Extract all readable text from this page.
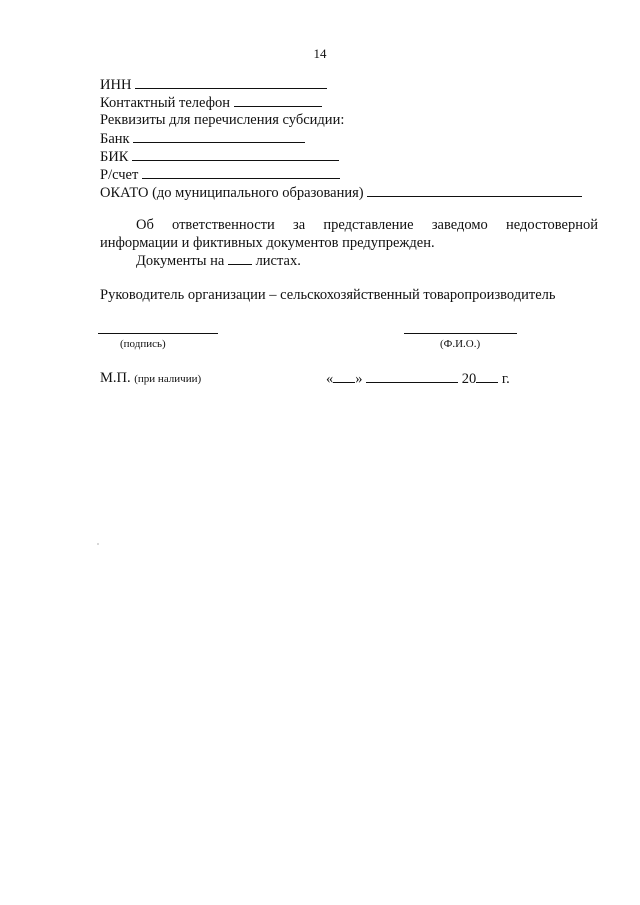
14
ИНН
Контактный телефон
Реквизиты для перечисления субсидии:
Банк
БИК
Р/счет
ОКАТО (до муниципального образования)
Об ответственности за представление заведомо недостоверной
информации и фиктивных документов предупрежден.
Документы на листах.
Руководитель организации – сельскохозяйственный товаропроизводитель
(подпись)	(Ф.И.О.)
М.П. (при наличии)	« »	20 г.
